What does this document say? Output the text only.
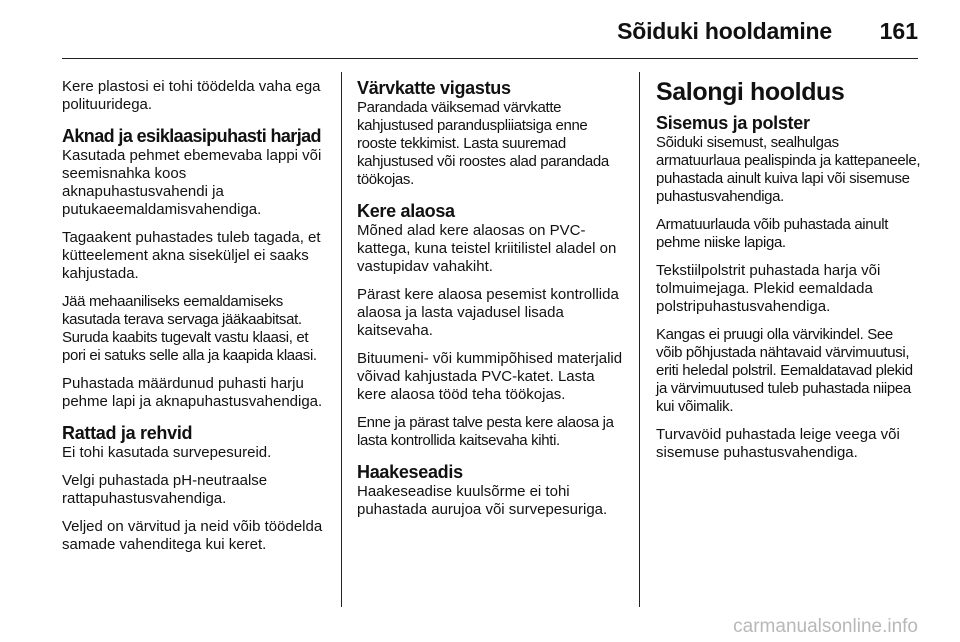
Sõiduki hooldamine 161

Kere plastosi ei tohi töödelda vaha ega polituuridega.

Aknad ja esiklaasipuhasti harjad

Kasutada pehmet ebemevaba lappi või seemisnahka koos aknapuhastusvahendi ja putukaeemaldamisvahendiga.

Tagaakent puhastades tuleb tagada, et kütteelement akna siseküljel ei saaks kahjustada.

Jää mehaaniliseks eemaldamiseks kasutada terava servaga jääkaabitsat. Suruda kaabits tugevalt vastu klaasi, et pori ei satuks selle alla ja kaapida klaasi.

Puhastada määrdunud puhasti harju pehme lapi ja aknapuhastusvahendiga.

Rattad ja rehvid

Ei tohi kasutada survepesureid.

Velgi puhastada pH-neutraalse rattapuhastusvahendiga.

Veljed on värvitud ja neid võib töödelda samade vahenditega kui keret.

Värvkatte vigastus

Parandada väiksemad värvkatte kahjustused paranduspliiatsiga enne rooste tekkimist. Lasta suuremad kahjustused või roostes alad parandada töökojas.

Kere alaosa

Mõned alad kere alaosas on PVC-kattega, kuna teistel kriitilistel aladel on vastupidav vahakiht.

Pärast kere alaosa pesemist kontrollida alaosa ja lasta vajadusel lisada kaitsevaha.

Bituumeni- või kummipõhised materjalid võivad kahjustada PVC-katet. Lasta kere alaosa tööd teha töökojas.

Enne ja pärast talve pesta kere alaosa ja lasta kontrollida kaitsevaha kihti.

Haakeseadis

Haakeseadise kuulsõrme ei tohi puhastada aurujoa või survepesuriga.

Salongi hooldus
Sisemus ja polster

Sõiduki sisemust, sealhulgas armatuurlaua pealispinda ja kattepaneele, puhastada ainult kuiva lapi või sisemuse puhastusvahendiga.

Armatuurlauda võib puhastada ainult pehme niiske lapiga.

Tekstiilpolstrit puhastada harja või tolmuimejaga. Plekid eemaldada polstripuhastusvahendiga.

Kangas ei pruugi olla värvikindel. See võib põhjustada nähtavaid värvimuutusi, eriti heledal polstril. Eemaldatavad plekid ja värvimuutused tuleb puhastada niipea kui võimalik.

Turvavöid puhastada leige veega või sisemuse puhastusvahendiga.

carmanualsonline.info
